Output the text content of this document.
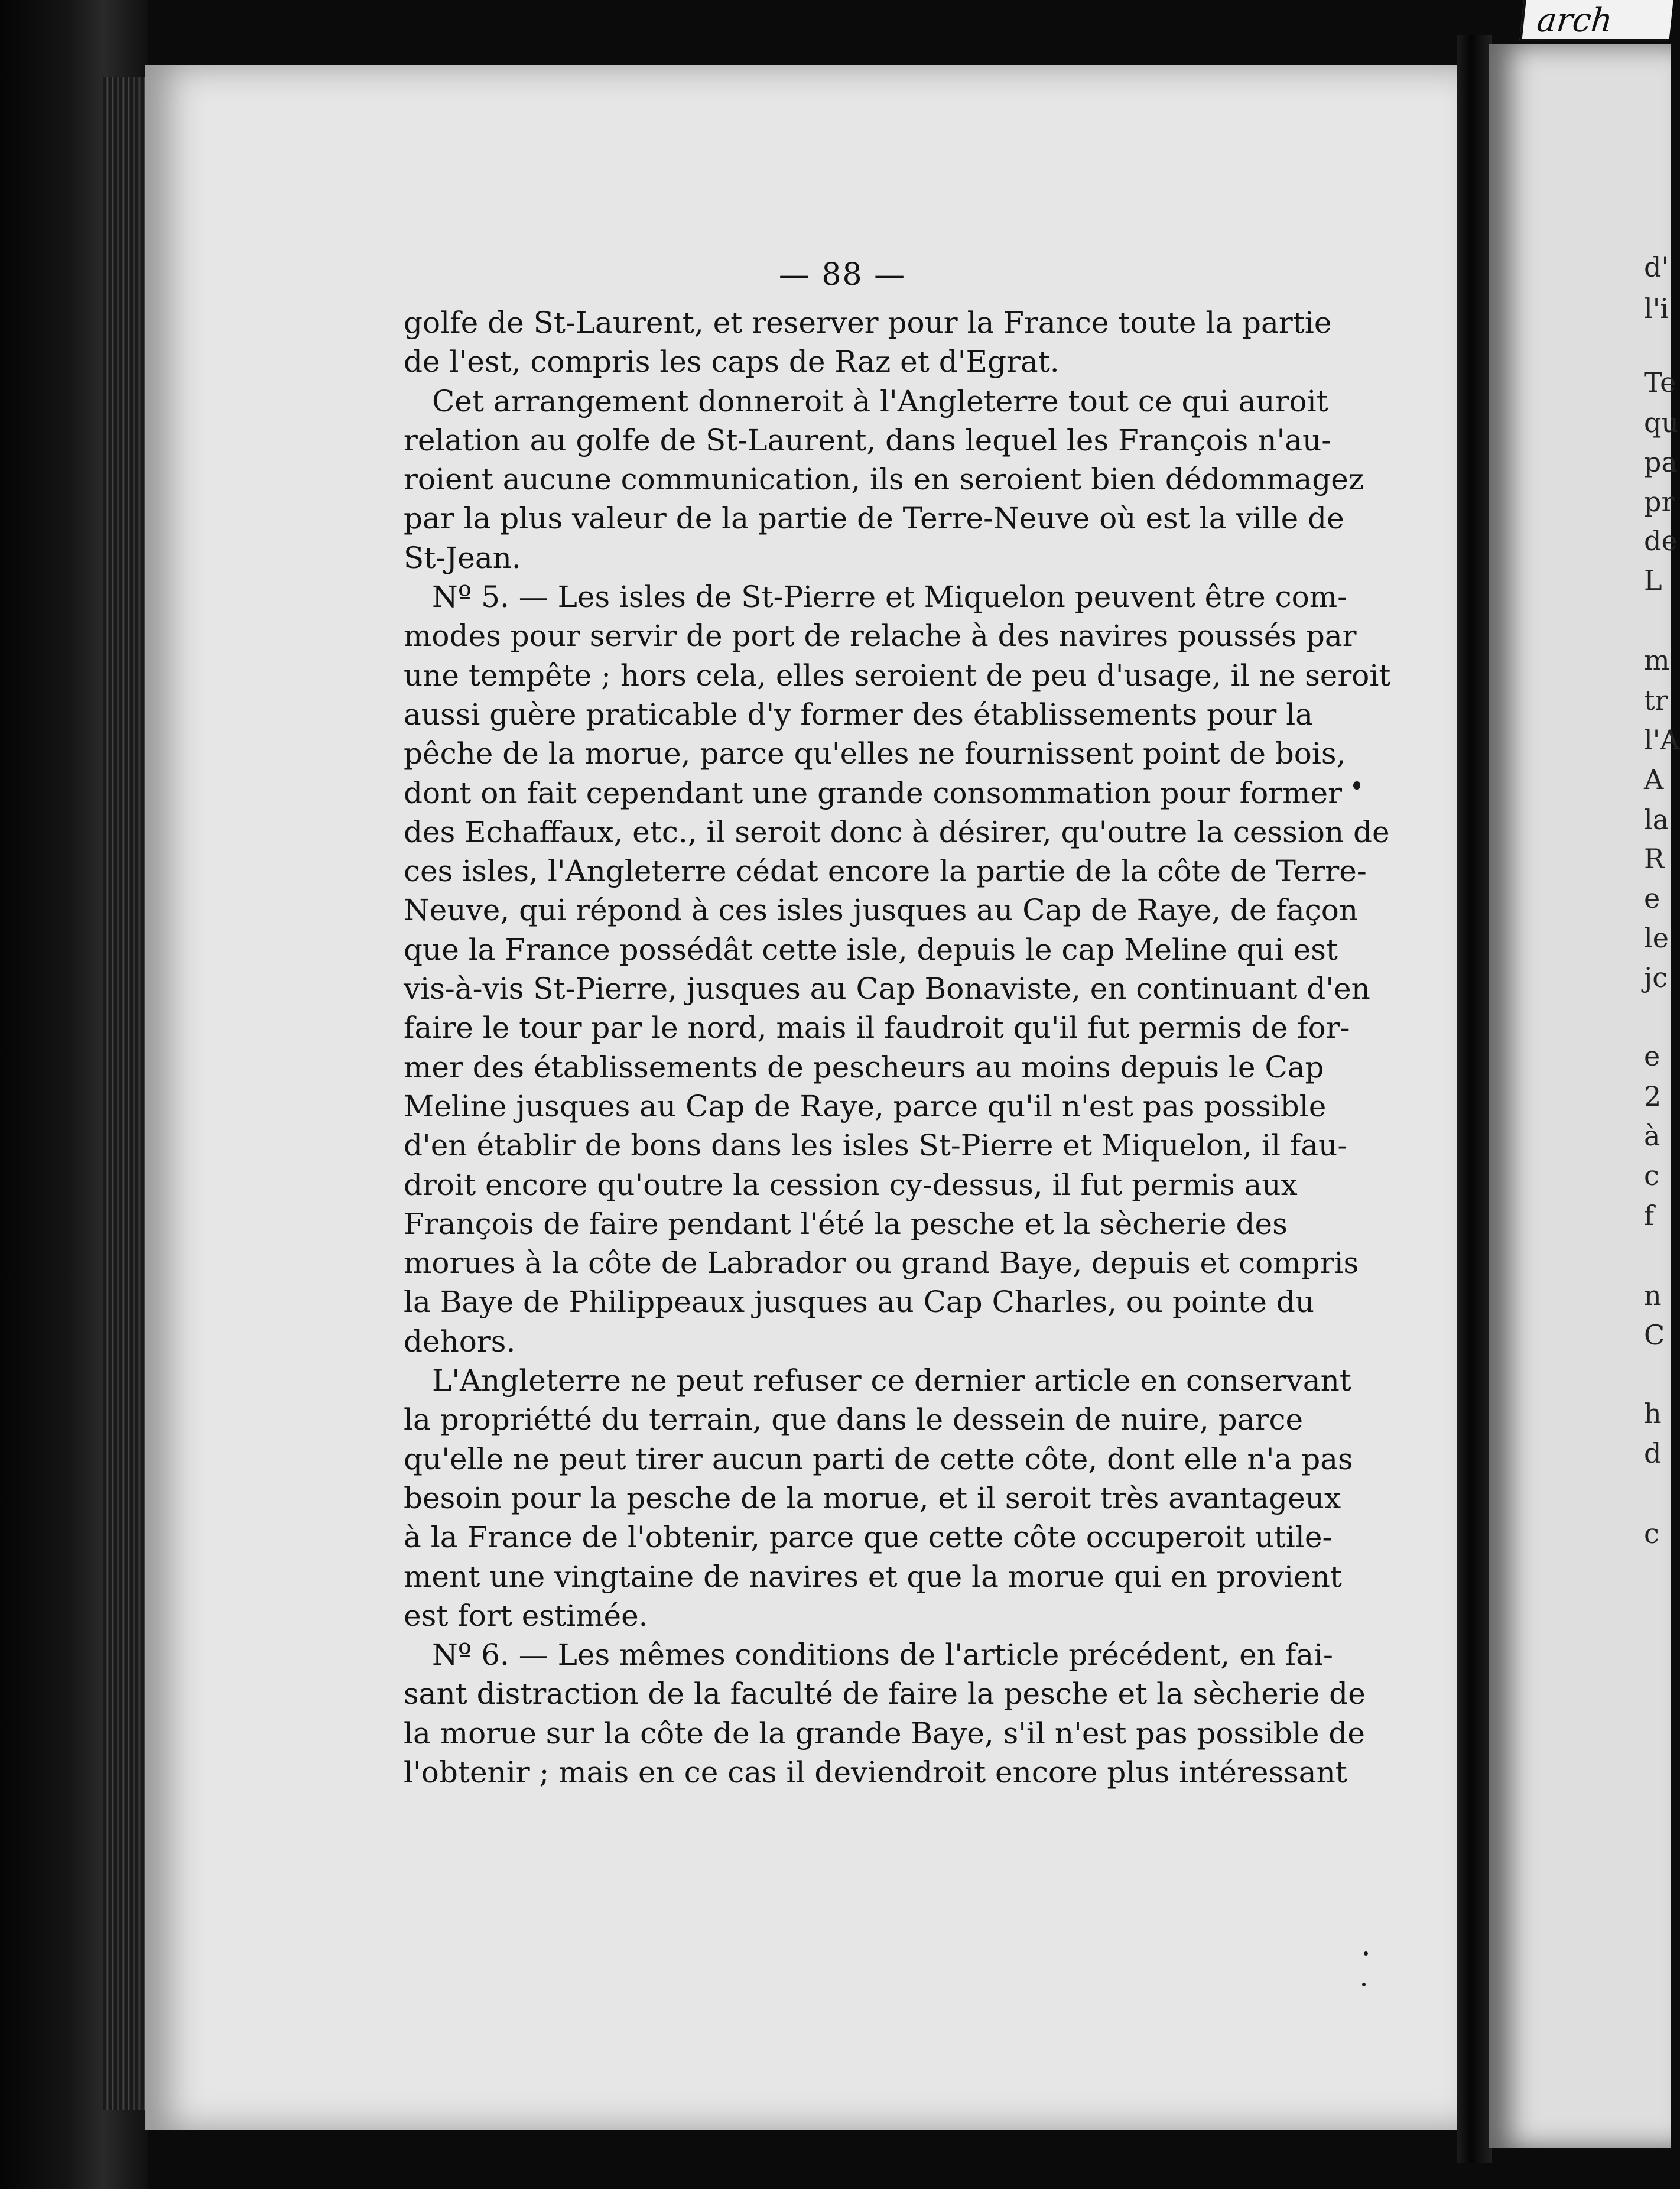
d'

l'i

Te

qu

pa

pr

de

L

m

tr

l'A

A

la

R

e

le

jc

e

2

à

c

f

n

C

h

d

c

arch
— 88 —
golfe de St-Laurent, et reserver pour la France toute la partie
de l'est, compris les caps de Raz et d'Egrat.
Cet arrangement donneroit à l'Angleterre tout ce qui auroit
relation au golfe de St-Laurent, dans lequel les François n'au-
roient aucune communication, ils en seroient bien dédommagez
par la plus valeur de la partie de Terre-Neuve où est la ville de
St-Jean.
Nº 5. — Les isles de St-Pierre et Miquelon peuvent être com-
modes pour servir de port de relache à des navires poussés par
une tempête ; hors cela, elles seroient de peu d'usage, il ne seroit
aussi guère praticable d'y former des établissements pour la
pêche de la morue, parce qu'elles ne fournissent point de bois,
dont on fait cependant une grande consommation pour former
des Echaffaux, etc., il seroit donc à désirer, qu'outre la cession de
ces isles, l'Angleterre cédat encore la partie de la côte de Terre-
Neuve, qui répond à ces isles jusques au Cap de Raye, de façon
que la France possédât cette isle, depuis le cap Meline qui est
vis-à-vis St-Pierre, jusques au Cap Bonaviste, en continuant d'en
faire le tour par le nord, mais il faudroit qu'il fut permis de for-
mer des établissements de pescheurs au moins depuis le Cap
Meline jusques au Cap de Raye, parce qu'il n'est pas possible
d'en établir de bons dans les isles St-Pierre et Miquelon, il fau-
droit encore qu'outre la cession cy-dessus, il fut permis aux
François de faire pendant l'été la pesche et la sècherie des
morues à la côte de Labrador ou grand Baye, depuis et compris
la Baye de Philippeaux jusques au Cap Charles, ou pointe du
dehors.
L'Angleterre ne peut refuser ce dernier article en conservant
la propriétté du terrain, que dans le dessein de nuire, parce
qu'elle ne peut tirer aucun parti de cette côte, dont elle n'a pas
besoin pour la pesche de la morue, et il seroit très avantageux
à la France de l'obtenir, parce que cette côte occuperoit utile-
ment une vingtaine de navires et que la morue qui en provient
est fort estimée.
Nº 6. — Les mêmes conditions de l'article précédent, en fai-
sant distraction de la faculté de faire la pesche et la sècherie de
la morue sur la côte de la grande Baye, s'il n'est pas possible de
l'obtenir ; mais en ce cas il deviendroit encore plus intéressant
